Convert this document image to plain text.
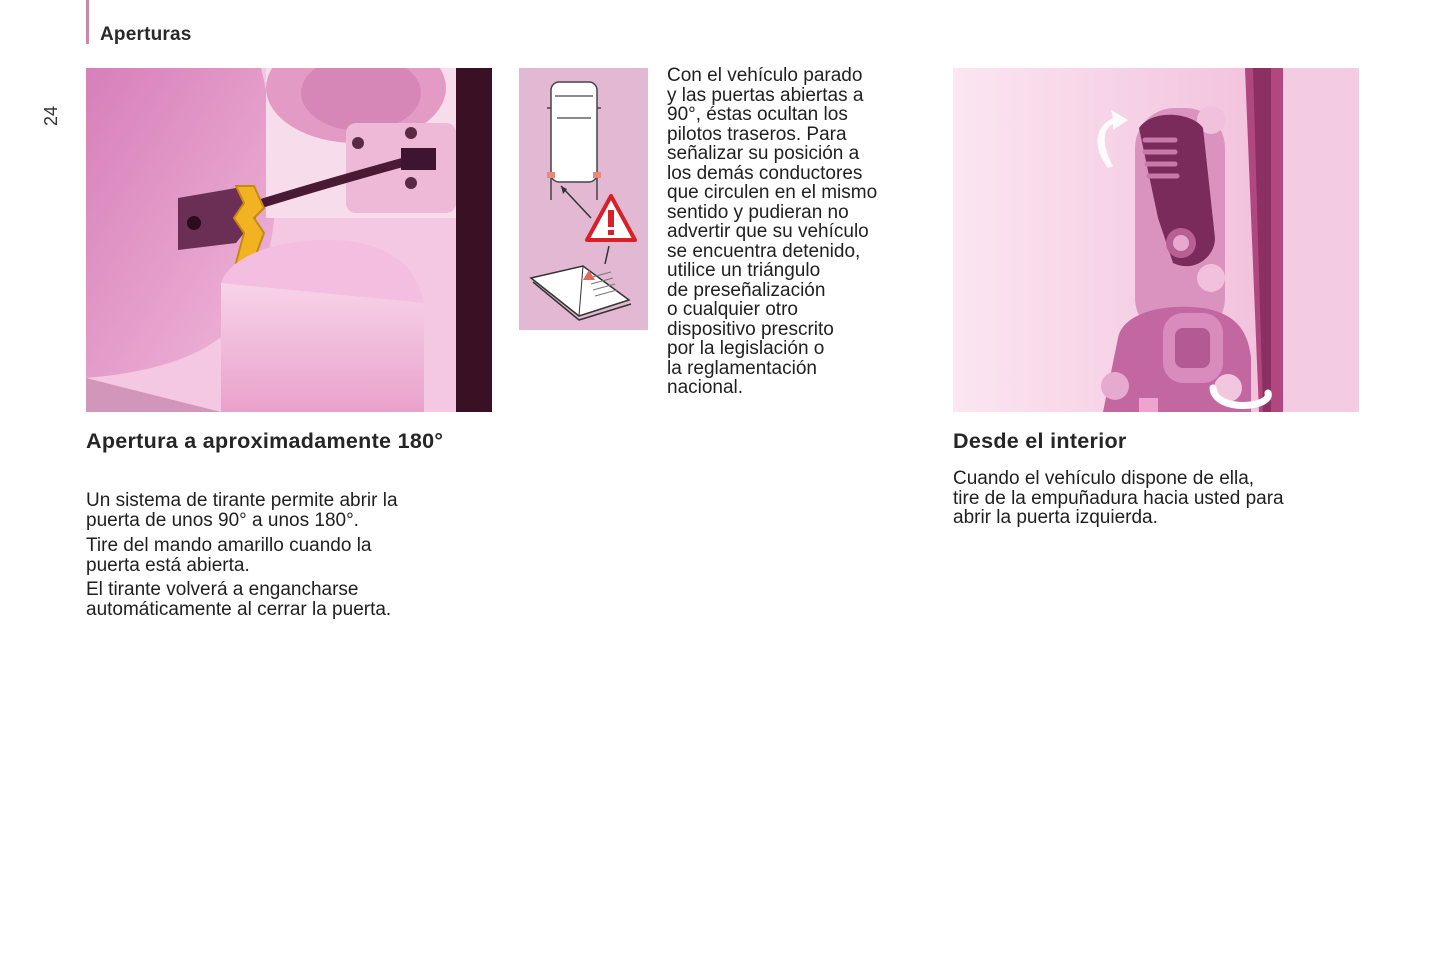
Aperturas
24
Con el vehículo parado
y las puertas abiertas a
90°, éstas ocultan los
pilotos traseros. Para
señalizar su posición a
los demás conductores
que circulen en el mismo
sentido y pudieran no
advertir que su vehículo
se encuentra detenido,
utilice un triángulo
de preseñalización
o cualquier otro
dispositivo prescrito
por la legislación o
la reglamentación
nacional.
Apertura a aproximadamente 180°
Un sistema de tirante permite abrir la
puerta de unos 90° a unos 180°.
Tire del mando amarillo cuando la
puerta está abierta.
El tirante volverá a engancharse
automáticamente al cerrar la puerta.
Desde el interior
Cuando el vehículo dispone de ella,
tire de la empuñadura hacia usted para
abrir la puerta izquierda.
